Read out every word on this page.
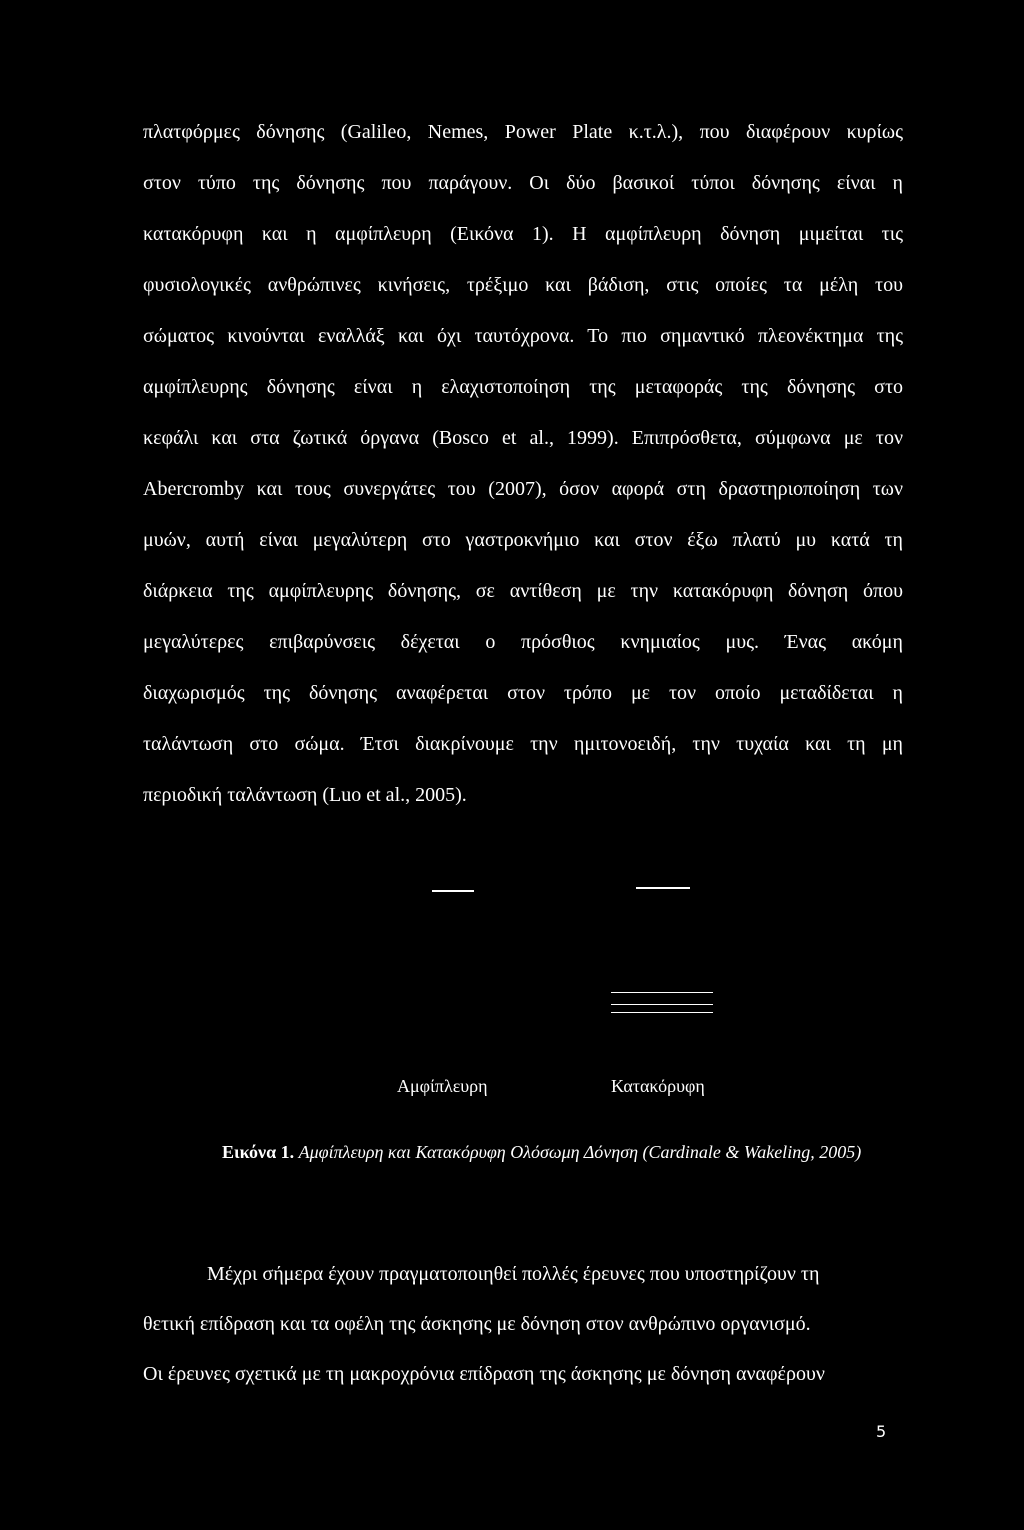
πλατφόρμες δόνησης (Galileo, Nemes, Power Plate κ.τ.λ.), που διαφέρουν κυρίως
στον τύπο της δόνησης που παράγουν. Οι δύο βασικοί τύποι δόνησης είναι η
κατακόρυφη και η αμφίπλευρη (Εικόνα 1). Η αμφίπλευρη δόνηση μιμείται τις
φυσιολογικές ανθρώπινες κινήσεις, τρέξιμο και βάδιση, στις οποίες τα μέλη του
σώματος κινούνται εναλλάξ και όχι ταυτόχρονα. Το πιο σημαντικό πλεονέκτημα της
αμφίπλευρης δόνησης είναι η ελαχιστοποίηση της μεταφοράς της δόνησης στο
κεφάλι και στα ζωτικά όργανα (Bosco et al., 1999). Επιπρόσθετα, σύμφωνα με τον
Abercromby και τους συνεργάτες του (2007), όσον αφορά στη δραστηριοποίηση των
μυών, αυτή είναι μεγαλύτερη στο γαστροκνήμιο και στον έξω πλατύ μυ κατά τη
διάρκεια της αμφίπλευρης δόνησης, σε αντίθεση με την κατακόρυφη δόνηση όπου
μεγαλύτερες επιβαρύνσεις δέχεται ο πρόσθιος κνημιαίος μυς. Ένας ακόμη
διαχωρισμός της δόνησης αναφέρεται στον τρόπο με τον οποίο μεταδίδεται η
ταλάντωση στο σώμα. Έτσι διακρίνουμε την ημιτονοειδή, την τυχαία και τη μη
περιοδική ταλάντωση (Luo et al., 2005).
Αμφίπλευρη	Κατακόρυφη
Εικόνα 1. Αμφίπλευρη και Κατακόρυφη Ολόσωμη Δόνηση (Cardinale & Wakeling, 2005)
Μέχρι σήμερα έχουν πραγματοποιηθεί πολλές έρευνες που υποστηρίζουν τη
θετική επίδραση και τα οφέλη της άσκησης με δόνηση στον ανθρώπινο οργανισμό.
Οι έρευνες σχετικά με τη μακροχρόνια επίδραση της άσκησης με δόνηση αναφέρουν
5
